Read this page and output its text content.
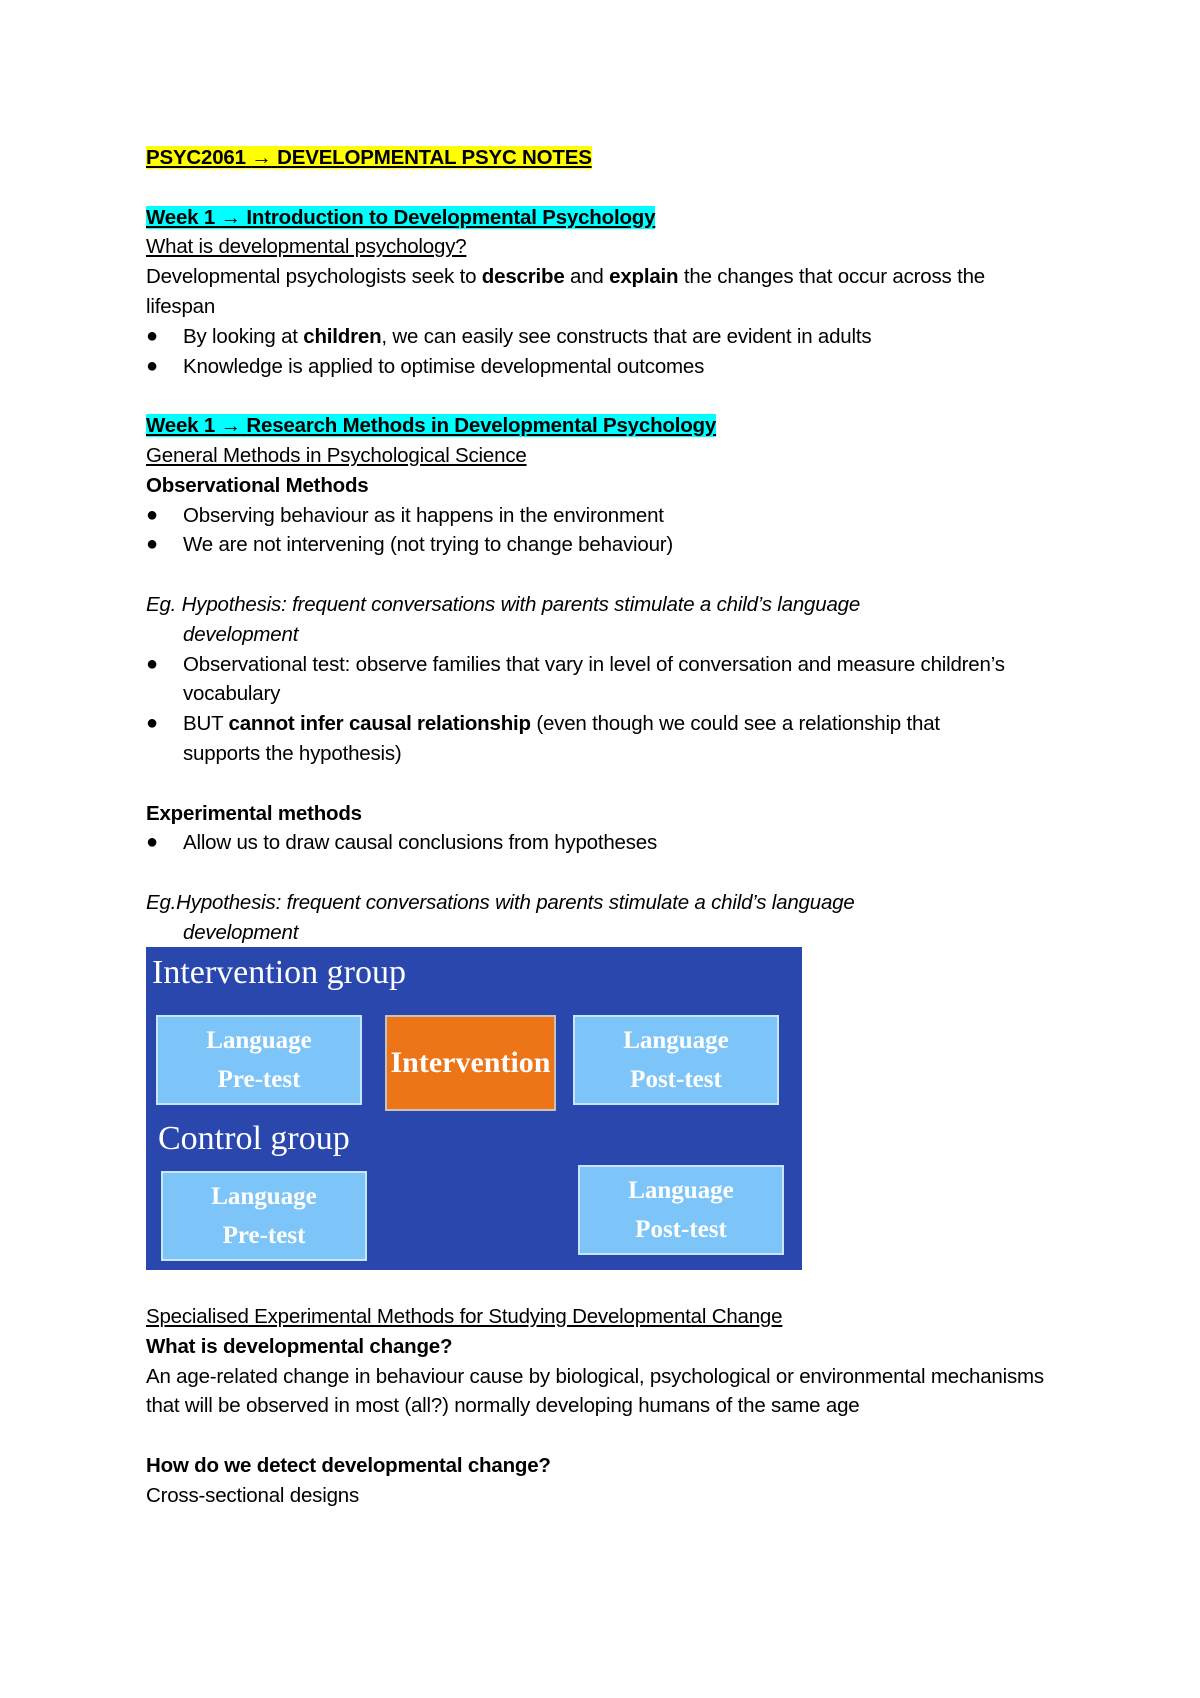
PSYC2061 → DEVELOPMENTAL PSYC NOTES

Week 1 → Introduction to Developmental Psychology

What is developmental psychology?

Developmental psychologists seek to describe and explain the changes that occur across the lifespan

●	By looking at children, we can easily see constructs that are evident in adults
●	Knowledge is applied to optimise developmental outcomes

Week 1 → Research Methods in Developmental Psychology

General Methods in Psychological Science

Observational Methods

●	Observing behaviour as it happens in the environment
●	We are not intervening (not trying to change behaviour)

Eg. Hypothesis: frequent conversations with parents stimulate a child’s language

development

●	Observational test: observe families that vary in level of conversation and measure children’s vocabulary
●	BUT cannot infer causal relationship (even though we could see a relationship that supports the hypothesis)

Experimental methods

●	Allow us to draw causal conclusions from hypotheses

Eg.Hypothesis: frequent conversations with parents stimulate a child’s language

development

Intervention group
Language
Pre-test
Intervention
Language
Post-test
Control group
Language
Pre-test
Language
Post-test

Specialised Experimental Methods for Studying Developmental Change

What is developmental change?

An age-related change in behaviour cause by biological, psychological or environmental mechanisms that will be observed in most (all?) normally developing humans of the same age

How do we detect developmental change?

Cross-sectional designs
